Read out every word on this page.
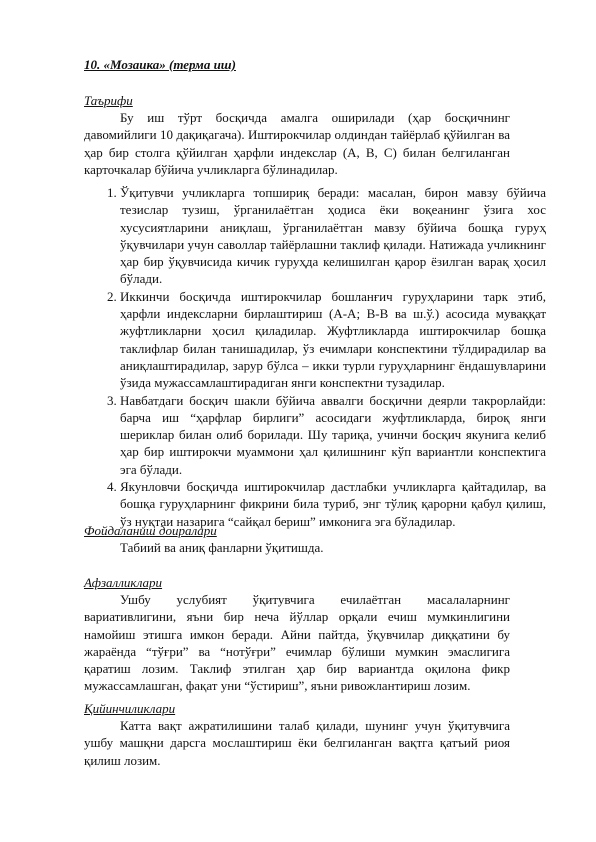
10. «Мозаика» (терма иш)
Таърифи

Бу иш тўрт босқичда амалга оширилади (ҳар босқичнинг давомийлиги 10 дақиқагача). Иштирокчилар олдиндан тайёрлаб қўйилган ва ҳар бир столга қўйилган ҳарфли индекслар (А, В, С) билан белгиланган карточкалар бўйича учликларга бўлинадилар.

1. Ўқитувчи учликларга топшириқ беради: масалан, бирон мавзу бўйича тезислар тузиш, ўрганилаётган ҳодиса ёки воқеанинг ўзига хос хусусиятларини аниқлаш, ўрганилаётган мавзу бўйича бошқа гуруҳ ўқувчилари учун саволлар тайёрлашни таклиф қилади. Натижада учликнинг ҳар бир ўқувчисида кичик гуруҳда келишилган қарор ёзилган варақ ҳосил бўлади.
2. Иккинчи босқичда иштирокчилар бошланғич гуруҳларини тарк этиб, ҳарфли индексларни бирлаштириш (А-А; В-В ва ш.ў.) асосида муваққат жуфтликларни ҳосил қиладилар. Жуфтликларда иштирокчилар бошқа таклифлар билан танишадилар, ўз ечимлари конспектини тўлдирадилар ва аниқлаштирадилар, зарур бўлса – икки турли гуруҳларнинг ёндашувларини ўзида мужассамлаштирадиган янги конспектни тузадилар.
3. Навбатдаги босқич шакли бўйича аввалги босқични деярли такрорлайди: барча иш “ҳарфлар бирлиги” асосидаги жуфтликларда, бироқ янги шериклар билан олиб борилади. Шу тариқа, учинчи босқич якунига келиб ҳар бир иштирокчи муаммони ҳал қилишнинг кўп вариантли конспектига эга бўлади.
4. Якунловчи босқичда иштирокчилар дастлабки учликларга қайтадилар, ва бошқа гуруҳларнинг фикрини била туриб, энг тўлиқ қарорни қабул қилиш, ўз нуқтаи назарига “сайқал бериш” имконига эга бўладилар.
Фойдаланиш доиралари

Табиий ва аниқ фанларни ўқитишда.

Афзалликлари

Ушбу услубият ўқитувчига ечилаётган масалаларнинг вариативлигини, яъни бир неча йўллар орқали ечиш мумкинлигини намойиш этишга имкон беради. Айни пайтда, ўқувчилар диққатини бу жараёнда “тўғри” ва “нотўғри” ечимлар бўлиши мумкин эмаслигига қаратиш лозим. Таклиф этилган ҳар бир вариантда оқилона фикр мужассамлашган, фақат уни “ўстириш”, яъни ривожлантириш лозим.

Қийинчиликлари

Катта вақт ажратилишини талаб қилади, шунинг учун ўқитувчига ушбу машқни дарсга мослаштириш ёки белгиланган вақтга қатъий риоя қилиш лозим.
